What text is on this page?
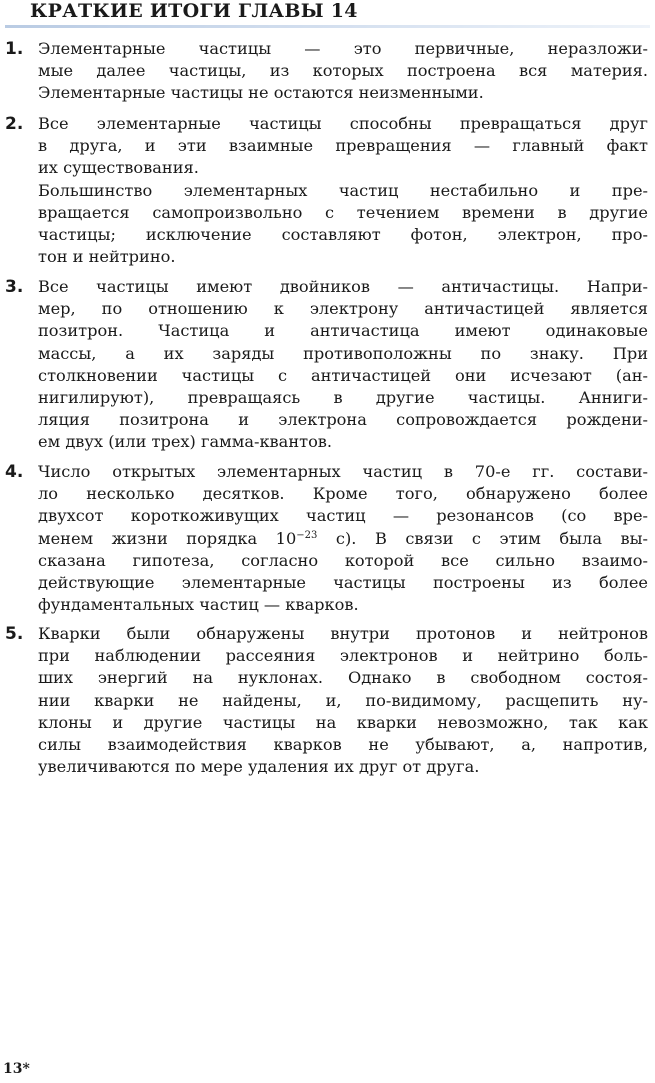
КРАТКИЕ ИТОГИ ГЛАВЫ 14
1. Элементарные частицы — это первичные, неразложи-
мые далее частицы, из которых построена вся материя.
Элементарные частицы не остаются неизменными.
2. Все элементарные частицы способны превращаться друг
в друга, и эти взаимные превращения — главный факт
их существования.
Большинство элементарных частиц нестабильно и пре-
вращается самопроизвольно с течением времени в другие
частицы; исключение составляют фотон, электрон, про-
тон и нейтрино.
3. Все частицы имеют двойников — античастицы. Напри-
мер, по отношению к электрону античастицей является
позитрон. Частица и античастица имеют одинаковые
массы, а их заряды противоположны по знаку. При
столкновении частицы с античастицей они исчезают (ан-
нигилируют), превращаясь в другие частицы. Анниги-
ляция позитрона и электрона сопровождается рождени-
ем двух (или трех) гамма-квантов.
4. Число открытых элементарных частиц в 70-е гг. состави-
ло несколько десятков. Кроме того, обнаружено более
двухсот короткоживущих частиц — резонансов (со вре-
менем жизни порядка $10^{-23}$ с). В связи с этим была вы-
сказана гипотеза, согласно которой все сильно взаимо-
действующие элементарные частицы построены из более
фундаментальных частиц — кварков.
5. Кварки были обнаружены внутри протонов и нейтронов
при наблюдении рассеяния электронов и нейтрино боль-
ших энергий на нуклонах. Однако в свободном состоя-
нии кварки не найдены, и, по-видимому, расщепить ну-
клоны и другие частицы на кварки невозможно, так как
силы взаимодействия кварков не убывают, а, напротив,
увеличиваются по мере удаления их друг от друга.
13*
